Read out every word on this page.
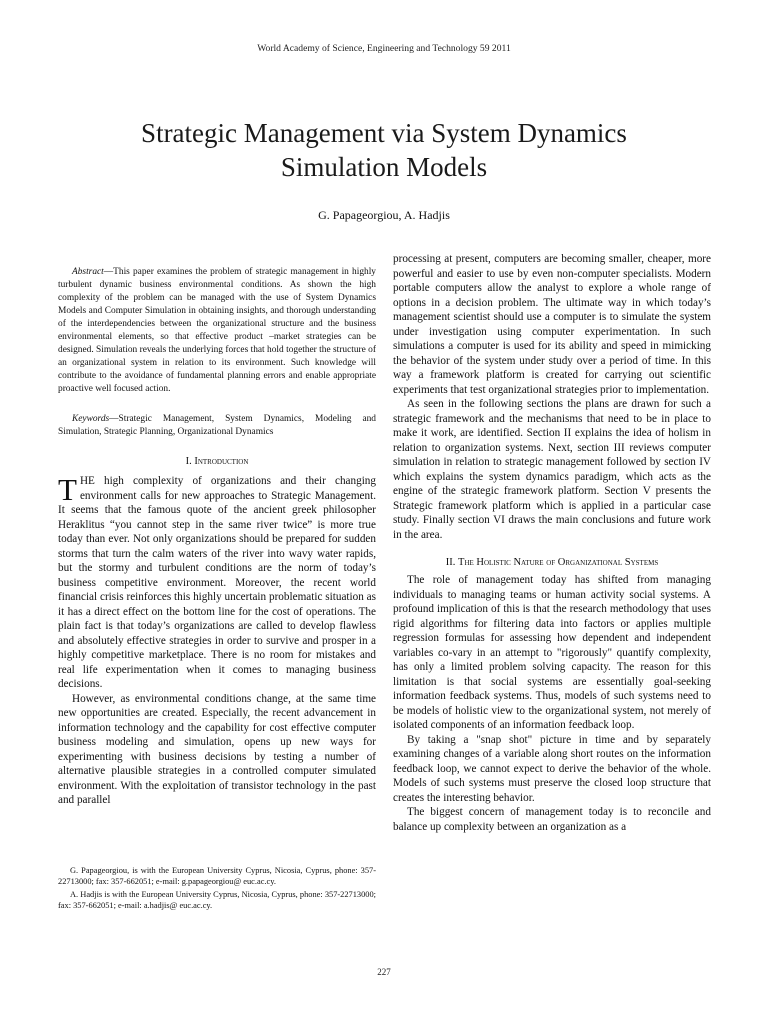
World Academy of Science, Engineering and Technology 59 2011
Strategic Management via System Dynamics
Simulation Models
G. Papageorgiou, A. Hadjis

Abstract—This paper examines the problem of strategic management in highly turbulent dynamic business environmental conditions. As shown the high complexity of the problem can be managed with the use of System Dynamics Models and Computer Simulation in obtaining insights, and thorough understanding of the interdependencies between the organizational structure and the business environmental elements, so that effective product –market strategies can be designed. Simulation reveals the underlying forces that hold together the structure of an organizational system in relation to its environment. Such knowledge will contribute to the avoidance of fundamental planning errors and enable appropriate proactive well focused action.

Keywords—Strategic Management, System Dynamics, Modeling and Simulation, Strategic Planning, Organizational Dynamics

I. Introduction

THE high complexity of organizations and their changing environment calls for new approaches to Strategic Management. It seems that the famous quote of the ancient greek philosopher Heraklitus “you cannot step in the same river twice” is more true today than ever. Not only organizations should be prepared for sudden storms that turn the calm waters of the river into wavy water rapids, but the stormy and turbulent conditions are the norm of today’s business competitive environment. Moreover, the recent world financial crisis reinforces this highly uncertain problematic situation as it has a direct effect on the bottom line for the cost of operations. The plain fact is that today’s organizations are called to develop flawless and absolutely effective strategies in order to survive and prosper in a highly competitive marketplace. There is no room for mistakes and real life experimentation when it comes to managing business decisions.

However, as environmental conditions change, at the same time new opportunities are created. Especially, the recent advancement in information technology and the capability for cost effective computer business modeling and simulation, opens up new ways for experimenting with business decisions by testing a number of alternative plausible strategies in a controlled computer simulated environment. With the exploitation of transistor technology in the past and parallel

G. Papageorgiou, is with the European University Cyprus, Nicosia, Cyprus, phone: 357-22713000; fax: 357-662051; e-mail: g.papageorgiou@ euc.ac.cy.

A. Hadjis is with the European University Cyprus, Nicosia, Cyprus, phone: 357-22713000; fax: 357-662051; e-mail: a.hadjis@ euc.ac.cy.

processing at present, computers are becoming smaller, cheaper, more powerful and easier to use by even non-computer specialists. Modern portable computers allow the analyst to explore a whole range of options in a decision problem. The ultimate way in which today’s management scientist should use a computer is to simulate the system under investigation using computer experimentation. In such simulations a computer is used for its ability and speed in mimicking the behavior of the system under study over a period of time. In this way a framework platform is created for carrying out scientific experiments that test organizational strategies prior to implementation.

As seen in the following sections the plans are drawn for such a strategic framework and the mechanisms that need to be in place to make it work, are identified. Section II explains the idea of holism in relation to organization systems. Next, section III reviews computer simulation in relation to strategic management followed by section IV which explains the system dynamics paradigm, which acts as the engine of the strategic framework platform. Section V presents the Strategic framework platform which is applied in a particular case study. Finally section VI draws the main conclusions and future work in the area.

II. The Holistic Nature of Organizational Systems

The role of management today has shifted from managing individuals to managing teams or human activity social systems. A profound implication of this is that the research methodology that uses rigid algorithms for filtering data into factors or applies multiple regression formulas for assessing how dependent and independent variables co-vary in an attempt to "rigorously" quantify complexity, has only a limited problem solving capacity. The reason for this limitation is that social systems are essentially goal-seeking information feedback systems. Thus, models of such systems need to be models of holistic view to the organizational system, not merely of isolated components of an information feedback loop.

By taking a "snap shot" picture in time and by separately examining changes of a variable along short routes on the information feedback loop, we cannot expect to derive the behavior of the whole. Models of such systems must preserve the closed loop structure that creates the interesting behavior.

The biggest concern of management today is to reconcile and balance up complexity between an organization as a

227
